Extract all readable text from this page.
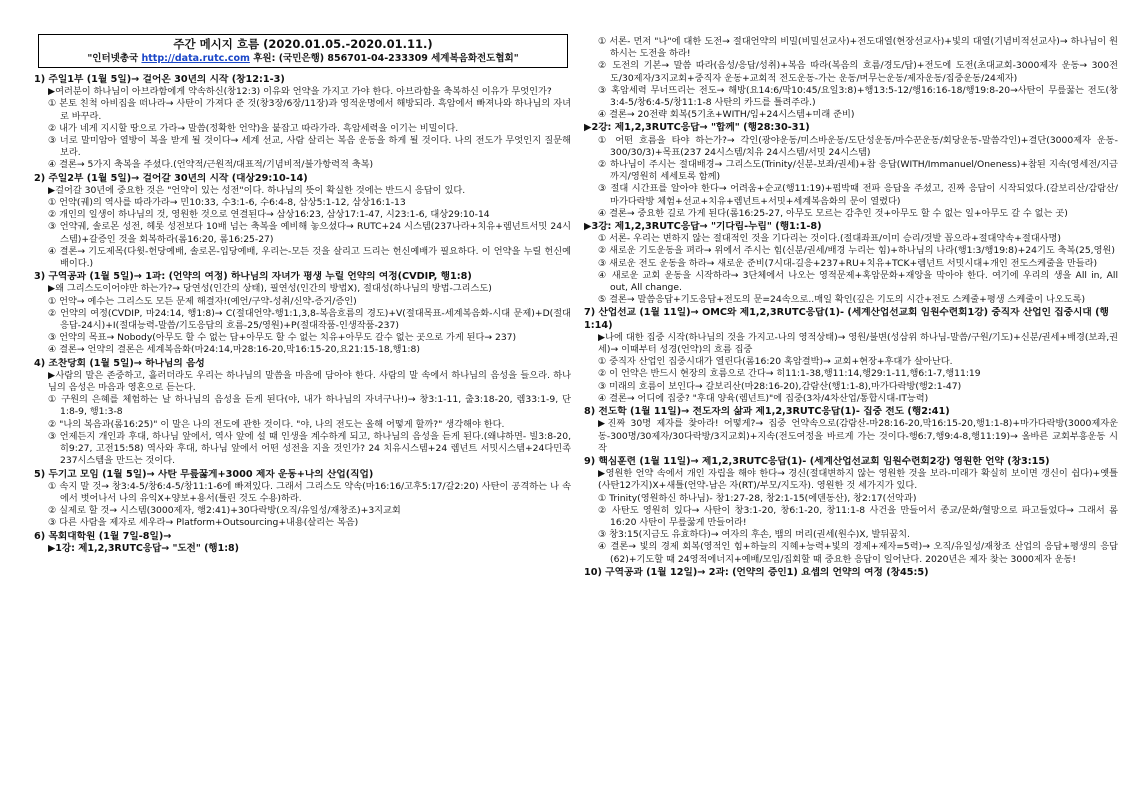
주간 메시지 흐름 (2020.01.05.-2020.01.11.)
"인터넷총국 http://data.rutc.com 후원: (국민은행) 856701-04-233309 세계복음화전도협회"
1) 주일1부 (1월 5일)→ 걸어온 30년의 시작 (창12:1-3)
▶여러분이 하나님이 아브라함에게 약속하신(창12:3) 이유와 언약을 가지고 가야 한다. 아브라함을 축복하신 이유가 무엇인가?
① 본토 친척 아비집을 떠나라→ 사탄이 가져다 준 것(창3장/6장/11장)과 영적운명에서 해방되라. 흑암에서 빠져나와 하나님의 자녀로 바꾸라.
② 내가 네게 지시할 땅으로 가라→ 말씀(정확한 언약)을 붙잡고 따라가라. 흑암세력을 이기는 비밀이다.
③ 너로 말미암아 열방이 복을 받게 될 것이다→ 세계 선교, 사람 살리는 복음 운동을 하게 될 것이다. 나의 전도가 무엇인지 질문해 보라.
④ 결론→ 5가지 축복을 주셨다.(언약적/근원적/대표적/기념비적/불가항력적 축복)
2) 주일2부 (1월 5일)→ 걸어갈 30년의 시작 (대상29:10-14)
▶걸어갈 30년에 중요한 것은 "언약이 있는 성전"이다. 하나님의 뜻이 확실한 것에는 반드시 응답이 있다.
① 언약(궤)의 역사를 따라가라→ 민10:33, 수3:1-6, 수6:4-8, 삼상5:1-12, 삼상16:1-13
② 개인의 일생이 하나님의 것, 영원한 것으로 연결된다→ 삼상16:23, 삼상17:1-47, 시23:1-6, 대상29:10-14
③ 언약궤, 솔로몬 성전, 헤롯 성전보다 10배 넘는 축복을 예비해 놓으셨다→ RUTC+24 시스템(237나라+치유+렘넌트서밋 24시스템)+갈증인 것을 회복하라(롬16:20, 롬16:25-27)
④ 결론→ 기도제목(다윗-헌당예배, 솔로몬-입당예배, 우리는-모든 것을 살리고 드리는 헌신예배가 필요하다. 이 언약을 누릴 헌신예배이다.)
3) 구역공과 (1월 5일)→ 1과: (언약의 여정) 하나님의 자녀가 평생 누릴 언약의 여정(CVDIP, 행1:8)
▶왜 그리스도이어야만 하는가?→ 당연성(인간의 상태), 필연성(인간의 방법X), 절대성(하나님의 방법-그리스도)
① 언약→ 예수는 그리스도 모든 문제 해결자!(예언/구약-성취/신약-증거/증인)
② 언약의 여정(CVDIP, 마24:14, 행1:8)→ C(절대언약-행1:1,3,8-복음흐름의 경도)+V(절대목표-세계복음화-시대 문제)+D(절대응답-24시)+I(절대능력-말씀/기도응답의 흐름-25/영원)+P(절대작품-인생작품-237)
③ 언약의 목표→ Nobody(아무도 할 수 없는 답+아무도 할 수 없는 치유+아무도 갈수 없는 곳으로 가게 된다→ 237)
④ 결론→ 언약의 결론은 세계복음화(마24:14,마28:16-20,막16:15-20,요21:15-18,행1:8)
4) 조찬당회 (1월 5일)→ 하나님의 음성
▶사람의 말은 존중하고, 흘러더라도 우리는 하나님의 말씀을 마음에 담아야 한다. 사람의 말 속에서 하나님의 음성을 들으라. 하나님의 음성은 마음과 영혼으로 듣는다.
① 구원의 은혜를 체험하는 날 하나님의 음성을 듣게 된다(야, 내가 하나님의 자녀구나!)→ 창3:1-11, 출3:18-20, 렘33:1-9, 단1:8-9, 행1:3-8
② "나의 복음과(롬16:25)" 이 말은 나의 전도에 관한 것이다. "야, 나의 전도는 올해 어떻게 할까?" 생각해야 한다.
③ 언제든지 개인과 후대, 하나님 앞에서, 역사 앞에 설 때 인생을 계수하게 되고, 하나님의 음성을 듣게 된다.(왜냐하면- 빌3:8-20, 히9:27, 고전15:58) 역사와 후대, 하나님 앞에서 어떤 성전을 지을 것인가? 24 치유시스템+24 렘넌트 서밋시스템+24다민족237시스템을 만드는 것이다.
5) 두기고 모임 (1월 5일)→ 사탄 무릎꿇게+3000 제자 운동+나의 산업(직업)
① 속지 말 것→ 창3:4-5/창6:4-5/창11:1-6에 빠져있다. 그래서 그리스도 약속(마16:16/고후5:17/갈2:20) 사탄이 공격하는 나 속에서 벗어나서 나의 유익X+양보+용서(틀린 것도 수용)하라.
② 실제로 할 것→ 시스템(3000제자, 행2:41)+30다락방(오직/유일성/재창조)+3지교회
③ 다른 사람을 제자로 세우라→ Platform+Outsourcing+내용(살리는 복음)
6) 목회대학원 (1월 7일-8일)→
▶1강: 제1,2,3RUTC응답→ "도전" (행1:8)
① 서론- 먼저 "나"에 대한 도전→ 절대언약의 비밀(비밀선교사)+전도대열(현장선교사)+빛의 대열(기념비적선교사)→ 하나님이 원하시는 도전을 하라!
② 도전의 기본→ 말씀 따라(음성/응답/성취)+복음 따라(복음의 흐름/경도/답)+전도에 도전(초대교회-3000제자 운동→ 300전도/30제자/3지교회+중직자 운동+교회적 전도운동-가는 운동/머무는운동/제자운동/집중운동/24제자)
③ 혹암세력 무너뜨리는 전도→ 해방(요14:6/막10:45/요일3:8)+행13:5-12/행16:16-18/행19:8-20→사탄이 무릎꿇는 전도(창3:4-5/창6:4-5/창11:1-8 사탄의 카드를 틀려주라.)
④ 결론→ 20전략 회복(5기초+WITH/임+24시스템+미래 준비)
▶2강: 제1,2,3RUTC응답→ "합께" (행28:30-31)
① 어떤 흐름을 타야 하는가?→ 각인(광야운동/미스바운동/도단성운동/마수꾼운동/회당운동-말씀각인)+결단(3000제자 운동- 300/30/3)+목표(237 24시스템/치유 24시스템/서밋 24시스템)
② 하나님이 주시는 절대배경→ 그리스도(Trinity/신분-보좌/권세)+참 응답(WITH/Immanuel/Oneness)+참된 지속(영세전/지금까지/영원히 세세토록 함께)
③ 절대 시간표를 알아야 한다→ 어려움+순교(행11:19)+펌박때 전파 응답을 주셨고, 진짜 응답이 시작되었다.(갈보리산/감람산/마가다락방 체험+선교+치유+렘넌트+서밋+세계복음화의 문이 열렸다)
④ 결론→ 중요한 길로 가게 된다(롬16:25-27, 아무도 모르는 감추인 것+아무도 할 수 없는 일+아무도 갈 수 없는 곳)
▶3강: 제1,2,3RUTC응답→ "기다림-누림" (행1:1-8)
① 서론- 우리는 변하지 않는 절대적인 것을 기다리는 것이다.(절대좌표/이미 승리/것발 꼽으라+절대약속+절대사명)
② 새로운 기도운동을 펴라→ 위에서 주시는 힘(신분/권세/배경 누리는 힘)+하나님의 나라(행1:3/행19:8)+24기도 축복(25,영원)
③ 새로운 전도 운동을 하라→ 새로운 준비(7시대-길응+237+RU+치유+TCK+렘넌트 서밋시대+개인 전도스케줄을 만들라)
④ 새로운 교회 운동을 시작하라→ 3단체에서 나오는 영적문제+혹암문화+재앙을 막아야 한다. 여기에 우리의 생을 All in, All out, All change.
⑤ 결론→ 말씀응답+기도응답+전도의 문=24속으로..매일 확인(깊은 기도의 시간+전도 스케줄+평생 스케줄이 나오도록)
7) 산업선교 (1월 11일)→ OMC와 제1,2,3RUTC응답(1)- (세계산업선교회 임원수련회1강) 중직자 산업인 집중시대 (행1:14)
▶나에 대한 집중 시작(하나님의 것을 가지고-나의 영적상태)→ 영원/불변(성삼위 하나님-말씀/구원/기도)+신분/권세+배경(보좌,권세)→ 이때부터 성경(언약)의 흐름 집중
① 중직자 산업인 집중시대가 열린다(롬16:20 혹암결박)→ 교회+현장+후대가 살아난다.
② 이 언약은 반드시 현장의 흐름으로 간다→ 히11:1-38,행11:14,행29:1-11,행6:1-7,행11:19
③ 미래의 흐름이 보인다→ 갈보리산(마28:16-20),감람산(행1:1-8),마가다락방(행2:1-47)
④ 결론→ 어디에 집중? "후대 양육(렘넌트)"에 집중(3차/4차산업/통합시대-IT능력)
8) 전도학 (1월 11일)→ 전도자의 삶과 제1,2,3RUTC응답(1)- 집중 전도 (행2:41)
▶진짜 30명 제자를 찾아라! 어떻게?→ 집중 언약속으로(감람산-마28:16-20,막16:15-20,행1:1-8)+마가다락방(3000제자운동-300명/30제자/30다락방/3지교회)+지속(전도여정을 바르게 가는 것이다-행6:7,행9:4-8,행11:19)→ 올바른 교회부흥운동 시작
9) 핵심훈련 (1월 11일)→ 제1,2,3RUTC응답(1)- (세계산업선교회 임원수련회2강) 영원한 언약 (창3:15)
▶영원한 언약 속에서 개인 자립을 해야 한다→ 경신(절대변하지 않는 영원한 것을 보라-미래가 확실히 보이면 갱신이 쉽다)+옛틀(사탄12가지)X+새틀(언약-남은 자(RT)/부모/지도자). 영원한 것 세가지가 있다.
① Trinity(영원하신 하나님)- 창1:27-28, 창2:1-15(에덴동산), 창2:17(선악과)
② 사탄도 영원히 있다→ 사탄이 창3:1-20, 창6:1-20, 창11:1-8 사건을 만들어서 종교/문화/혈망으로 파고들었다→ 그래서 롬16:20 사탄이 무릎꿇게 만들어라!
③ 창3:15(지금도 유효하다)→ 여자의 후손, 뱀의 머리(권세(원수)X, 발뒤꿈치.
④ 결론→ 빛의 경제 회복(영적인 힘+하늘의 지혜+능력+빛의 경제+제자=5력)→ 오직/유일성/재창조 산업의 응답+평생의 응답(62)+기도할 때 24영적에너지+예배/모임/집회할 때 중요한 응답이 일어난다. 2020년은 제자 찾는 3000제자 운동!
10) 구역공과 (1월 12일)→ 2과: (언약의 증인1) 요셉의 언약의 여정 (창45:5)
